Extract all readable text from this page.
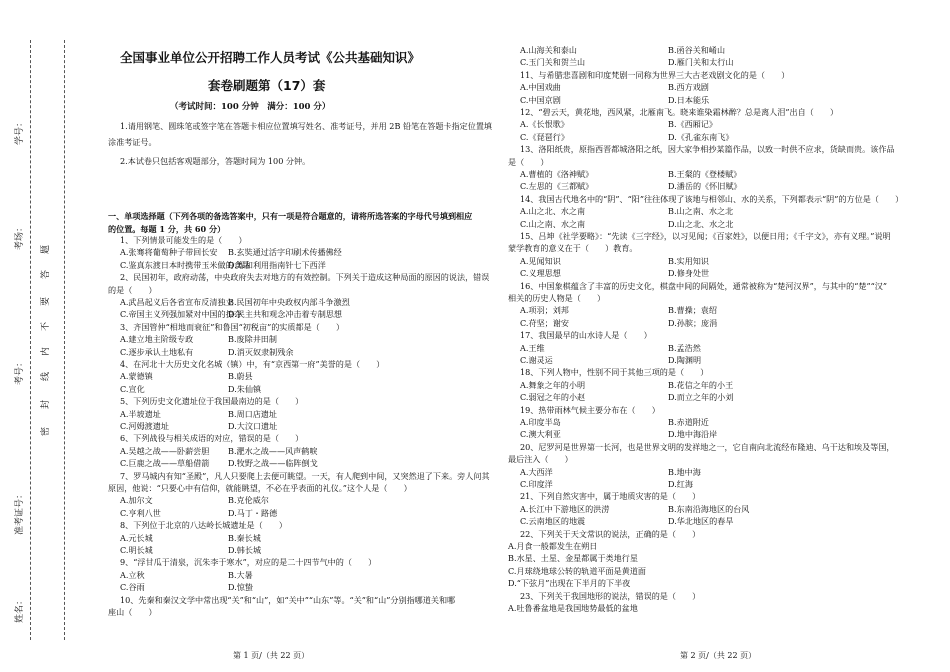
学号：
考场：
考号：
准考证号：
姓名：
题
答
要
不
内
线
封
密
全国事业单位公开招聘工作人员考试《公共基础知识》
套卷刷题第（17）套
（考试时间：100 分钟　满分：100 分）
1.请用钢笔、圆珠笔或签字笔在答题卡相应位置填写姓名、准考证号，并用 2B 铅笔在答题卡指定位置填
涂准考证号。
2.本试卷只包括客观题部分，答题时间为 100 分钟。
一、单项选择题（下列各项的备选答案中，只有一项是符合题意的，请将所选答案的字母代号填到相应
的位置。每题 1 分，共 60 分）
1、下列情景可能发生的是（　　）
A.张骞将葡萄种子带回长安 B.玄奘通过活字印刷术传播佛经
C.鉴真东渡日本时携带玉米做的食品
D.郑和利用指南针七下西洋
2、民国初年，政府动荡，中央政府失去对地方的有效控制。下列关于造成这种局面的原因的说法，错误
的是（　　）
A.武昌起义后各省宣布反清独立
B.民国初年中央政权内部斗争激烈
C.帝国主义列强加紧对中国的掠夺
D.民主共和观念冲击着专制思想
3、齐国管仲“相地而衰征”和鲁国“初税亩”的实质都是（　　）
A.建立地主阶级专政	B.废除井田制
C.逐步承认土地私有	D.消灭奴隶制残余
4、在河北十大历史文化名城（镇）中，有“京西第一府”美誉的是（　　）
A.蒙德镇	B.蔚县
C.宣化	D.朱仙镇
5、下列历史文化遗址位于我国最南边的是（　　）
A.半坡遗址	B.周口店遗址
C.河姆渡遗址	D.大汶口遗址
6、下列战役与相关成语的对应，错误的是（　　）
A.吴越之战——卧薪尝胆 B.淝水之战——风声鹤唳
C.巨鹿之战——草船借箭 D.牧野之战——临阵倒戈
7、罗马城内有知“圣殿”，凡人只要爬上去便可眺望。一天，有人爬到中间，又突然退了下来。旁人问其
原因，他说：“只要心中有信仰，就能眺望，不必在乎表面的礼仪。”这个人是（　　）
A.加尔文	B.克伦威尔
C.亨利八世	D.马丁・路德
8、下列位于北京的八达岭长城遗址是（　　）
A.元长城	B.秦长城
C.明长城	D.韩长城
9、“浮甘瓜于清泉，沉朱李于寒水”，对应的是二十四节气中的（　　）
A.立秋	B.大暑
C.谷雨	D.惊蛰
10、先秦和秦汉文学中常出现“关”和“山”，如“关中”“山东”等。“关”和“山”分别指哪道关和哪
座山（　　）
第 1 页/（共 22 页）
A.山海关和泰山	B.函谷关和崤山
C.玉门关和贺兰山	D.雁门关和太行山
11、与希腊悲喜剧和印度梵剧一同称为世界三大古老戏剧文化的是（　　）
A.中国戏曲	B.西方戏剧
C.中国京剧	D.日本能乐
12、“碧云天，黄花地，西风紧，北雁南飞。晓来谁染霜林醉？总是离人泪”出自（　　）
A.《长恨歌》	B.《西厢记》
C.《琵琶行》	D.《孔雀东南飞》
13、洛阳纸贵，原指西晋都城洛阳之纸，因大家争相抄某篇作品，以致一时供不应求，货缺而贵。该作品
是（　　）
A.曹植的《洛神赋》	B.王粲的《登楼赋》
C.左思的《三都赋》	D.潘岳的《怀旧赋》
14、我国古代地名中的“阴”、“阳”往往体现了该地与相邻山、水的关系，下列都表示“阴”的方位是（　　）
A.山之北、水之南	B.山之南、水之北
C.山之南、水之南	D.山之北、水之北
15、吕坤《社学要略》：“先读《三字经》，以习见闻；《百家姓》，以便日用；《千字文》，亦有义理。”说明
蒙学教育的意义在于（　　）教育。
A.见闻知识	B.实用知识
C.义理思想	D.修身处世
16、中国象棋蕴含了丰富的历史文化，棋盘中间的间隔处，通常被称为“楚河汉界”，与其中的“楚”“汉”
相关的历史人物是（　　）
A.项羽；刘邦	B.曹操；袁绍
C.苻坚；谢安	D.孙膑；庞涓
17、我国最早的山水诗人是（　　）
A.王维	B.孟浩然
C.谢灵运	D.陶渊明
18、下列人物中，性别不同于其他三项的是（　　）
A.舞象之年的小明	B.花信之年的小王
C.弱冠之年的小赵	D.而立之年的小刘
19、热带雨林气候主要分布在（　　）
A.印度半岛	B.赤道附近
C.澳大利亚	D.地中海沿岸
20、尼罗河是世界第一长河，也是世界文明的发祥地之一，它自南向北流经布隆迪、乌干达和埃及等国，
最后注入（　　）
A.大西洋	B.地中海
C.印度洋	D.红海
21、下列自然灾害中，属于地质灾害的是（　　）
A.长江中下游地区的洪涝	B.东南沿海地区的台风
C.云南地区的地震	D.华北地区的春旱
22、下列关于天文常识的说法，正确的是（　　）
A.月食一般都发生在朔日
B.水星、土星、金星都属于类地行星
C.月球绕地球公转的轨道平面是黄道面
D.“下弦月”出现在下半月的下半夜
23、下列关于我国地形的说法，错误的是（　　）
A.吐鲁番盆地是我国地势最低的盆地
第 2 页/（共 22 页）
